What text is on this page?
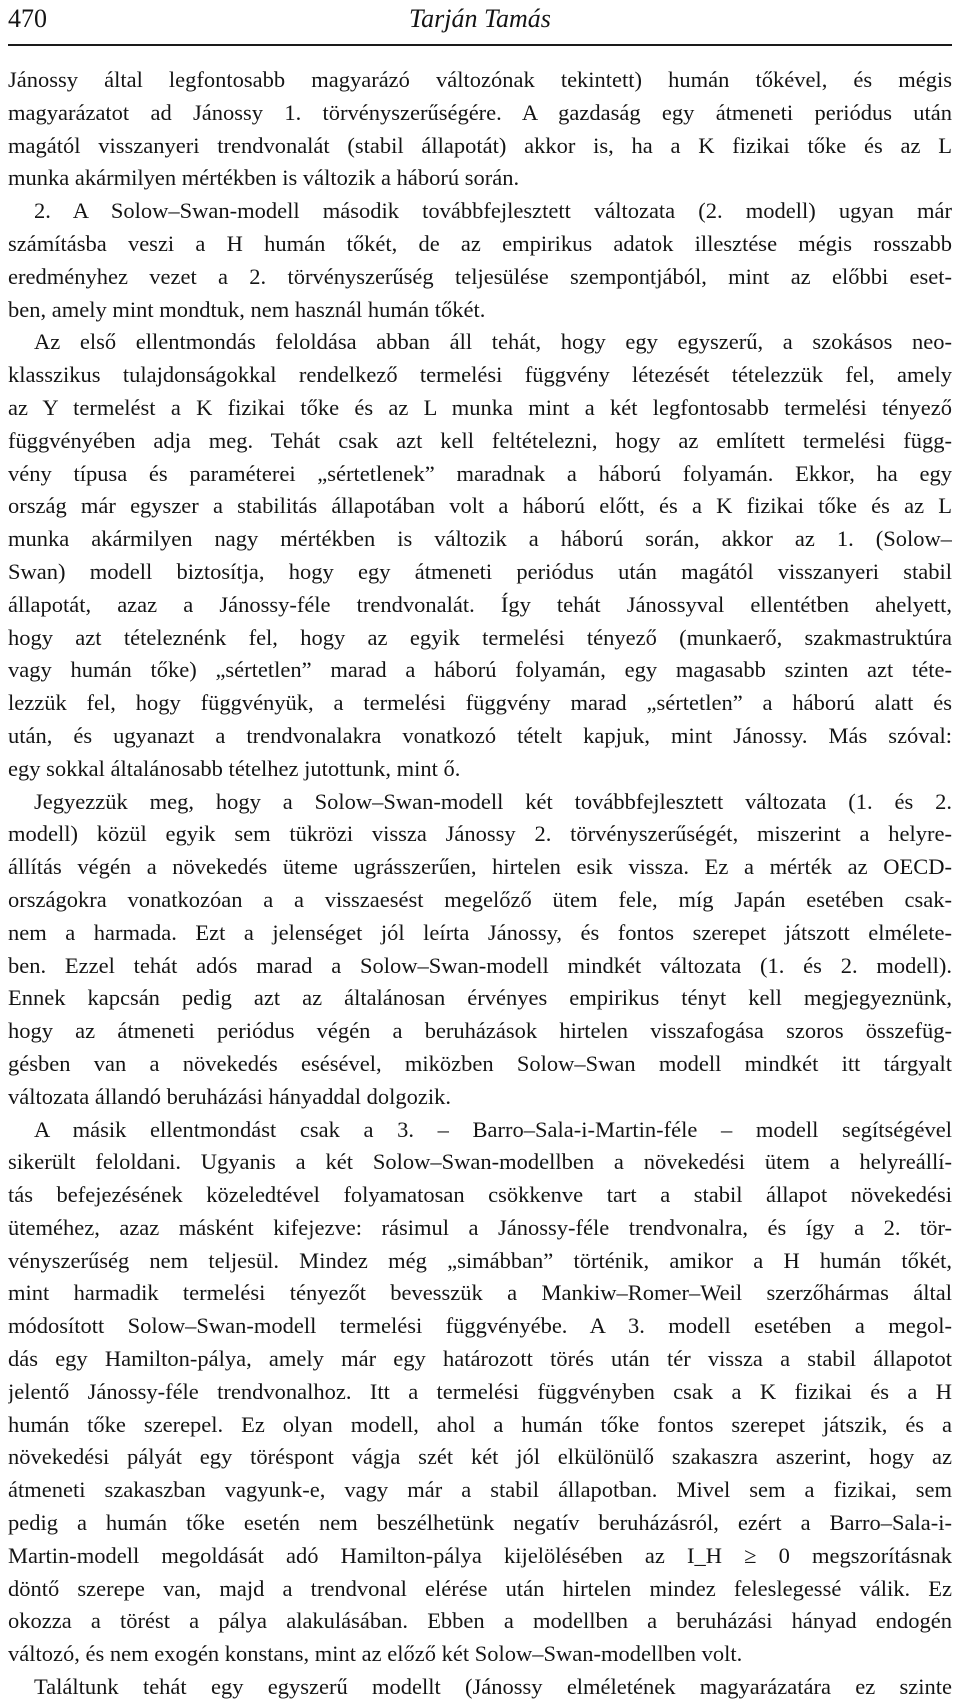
470	Tarján Tamás
Jánossy által legfontosabb magyarázó változónak tekintett) humán tőkével, és mégis
magyarázatot ad Jánossy 1. törvényszerűségére. A gazdaság egy átmeneti periódus után
magától visszanyeri trendvonalát (stabil állapotát) akkor is, ha a K fizikai tőke és az L
munka akármilyen mértékben is változik a háború során.
2. A Solow–Swan-modell második továbbfejlesztett változata (2. modell) ugyan már
számításba veszi a H humán tőkét, de az empirikus adatok illesztése mégis rosszabb
eredményhez vezet a 2. törvényszerűség teljesülése szempontjából, mint az előbbi eset-
ben, amely mint mondtuk, nem használ humán tőkét.
Az első ellentmondás feloldása abban áll tehát, hogy egy egyszerű, a szokásos neo-
klasszikus tulajdonságokkal rendelkező termelési függvény létezését tételezzük fel, amely
az Y termelést a K fizikai tőke és az L munka mint a két legfontosabb termelési tényező
függvényében adja meg. Tehát csak azt kell feltételezni, hogy az említett termelési függ-
vény típusa és paraméterei „sértetlenek” maradnak a háború folyamán. Ekkor, ha egy
ország már egyszer a stabilitás állapotában volt a háború előtt, és a K fizikai tőke és az L
munka akármilyen nagy mértékben is változik a háború során, akkor az 1. (Solow–
Swan) modell biztosítja, hogy egy átmeneti periódus után magától visszanyeri stabil
állapotát, azaz a Jánossy-féle trendvonalát. Így tehát Jánossyval ellentétben ahelyett,
hogy azt tételeznénk fel, hogy az egyik termelési tényező (munkaerő, szakmastruktúra
vagy humán tőke) „sértetlen” marad a háború folyamán, egy magasabb szinten azt téte-
lezzük fel, hogy függvényük, a termelési függvény marad „sértetlen” a háború alatt és
után, és ugyanazt a trendvonalakra vonatkozó tételt kapjuk, mint Jánossy. Más szóval:
egy sokkal általánosabb tételhez jutottunk, mint ő.
Jegyezzük meg, hogy a Solow–Swan-modell két továbbfejlesztett változata (1. és 2.
modell) közül egyik sem tükrözi vissza Jánossy 2. törvényszerűségét, miszerint a helyre-
állítás végén a növekedés üteme ugrásszerűen, hirtelen esik vissza. Ez a mérték az OECD-
országokra vonatkozóan a a visszaesést megelőző ütem fele, míg Japán esetében csak-
nem a harmada. Ezt a jelenséget jól leírta Jánossy, és fontos szerepet játszott elmélete-
ben. Ezzel tehát adós marad a Solow–Swan-modell mindkét változata (1. és 2. modell).
Ennek kapcsán pedig azt az általánosan érvényes empirikus tényt kell megjegyeznünk,
hogy az átmeneti periódus végén a beruházások hirtelen visszafogása szoros összefüg-
gésben van a növekedés esésével, miközben Solow–Swan modell mindkét itt tárgyalt
változata állandó beruházási hányaddal dolgozik.
A másik ellentmondást csak a 3. – Barro–Sala-i-Martin-féle – modell segítségével
sikerült feloldani. Ugyanis a két Solow–Swan-modellben a növekedési ütem a helyreállí-
tás befejezésének közeledtével folyamatosan csökkenve tart a stabil állapot növekedési
üteméhez, azaz másként kifejezve: rásimul a Jánossy-féle trendvonalra, és így a 2. tör-
vényszerűség nem teljesül. Mindez még „simábban” történik, amikor a H humán tőkét,
mint harmadik termelési tényezőt bevesszük a Mankiw–Romer–Weil szerzőhármas által
módosított Solow–Swan-modell termelési függvényébe. A 3. modell esetében a megol-
dás egy Hamilton-pálya, amely már egy határozott törés után tér vissza a stabil állapotot
jelentő Jánossy-féle trendvonalhoz. Itt a termelési függvényben csak a K fizikai és a H
humán tőke szerepel. Ez olyan modell, ahol a humán tőke fontos szerepet játszik, és a
növekedési pályát egy töréspont vágja szét két jól elkülönülő szakaszra aszerint, hogy az
átmeneti szakaszban vagyunk-e, vagy már a stabil állapotban. Mivel sem a fizikai, sem
pedig a humán tőke esetén nem beszélhetünk negatív beruházásról, ezért a Barro–Sala-i-
Martin-modell megoldását adó Hamilton-pálya kijelölésében az I_H ≥ 0 megszorításnak
döntő szerepe van, majd a trendvonal elérése után hirtelen mindez feleslegessé válik. Ez
okozza a törést a pálya alakulásában. Ebben a modellben a beruházási hányad endogén
változó, és nem exogén konstans, mint az előző két Solow–Swan-modellben volt.
Találtunk tehát egy egyszerű modellt (Jánossy elméletének magyarázatára ez szinte
